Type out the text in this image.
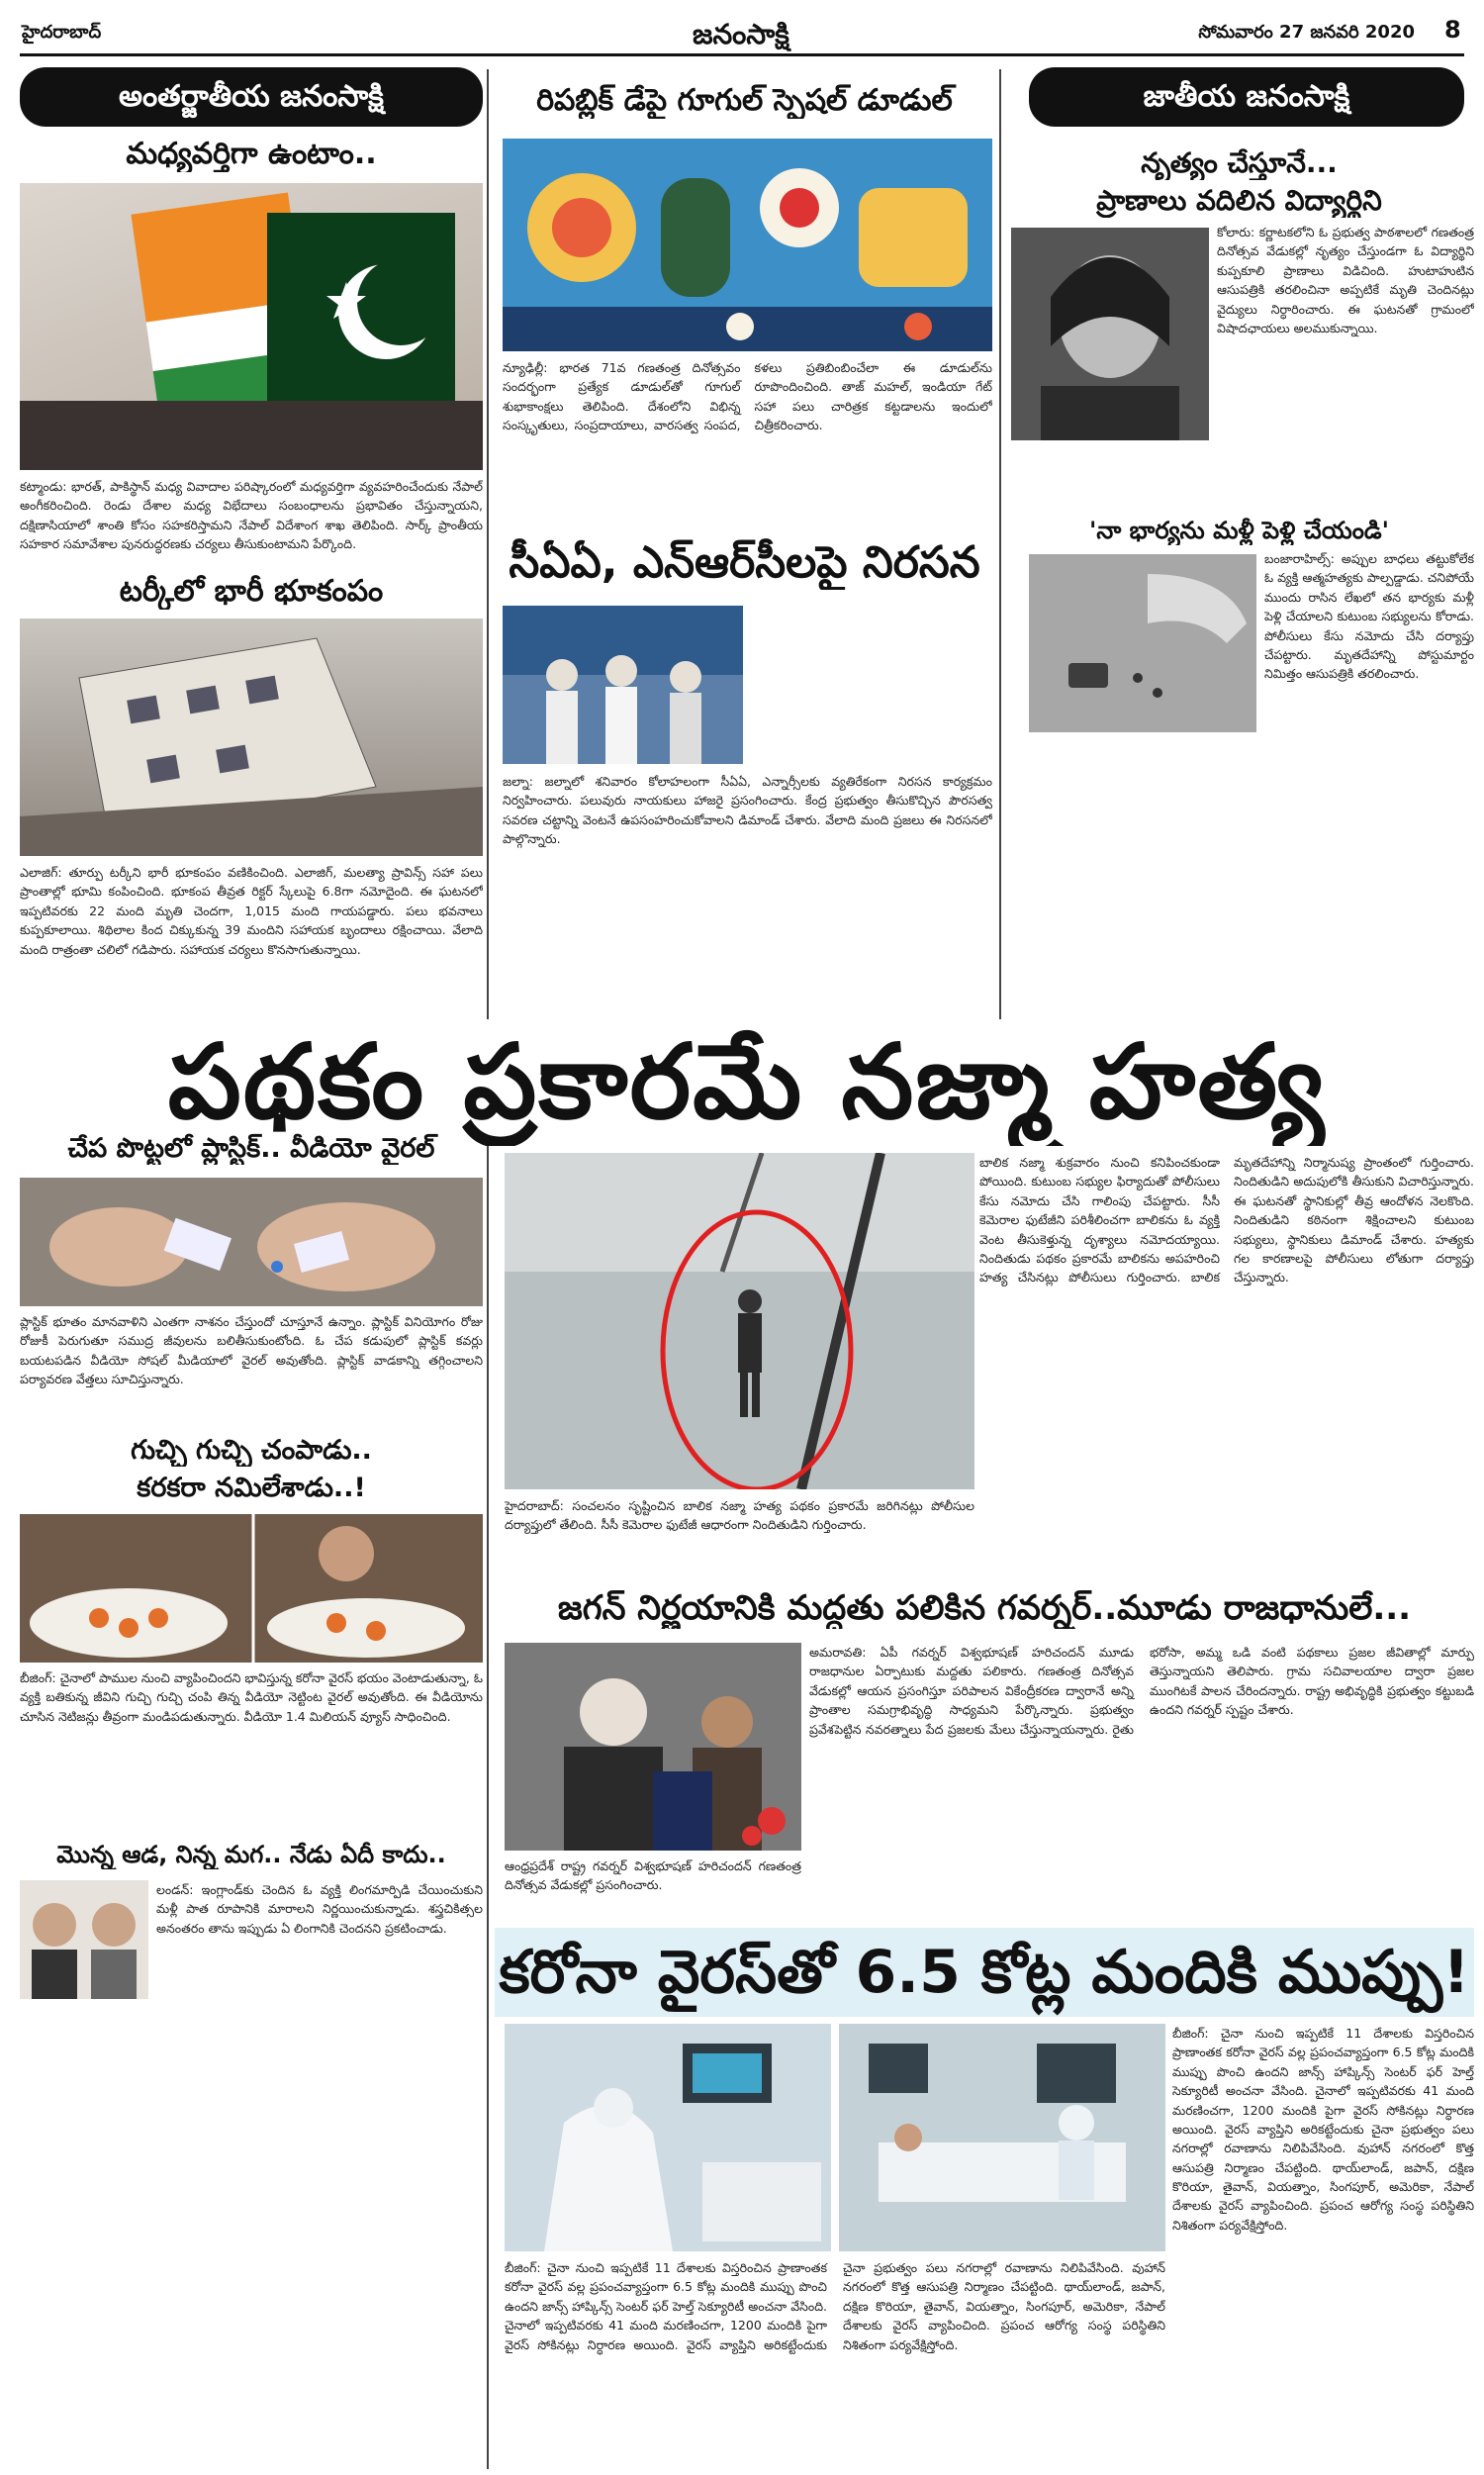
హైదరాబాద్	జనంసాక్షి	సోమవారం 27 జనవరి 2020 8
అంతర్జాతీయ జనంసాక్షి
మధ్యవర్తిగా ఉంటాం..
కట్మాండు: భారత్, పాకిస్థాన్ మధ్య వివాదాల పరిష్కారంలో మధ్యవర్తిగా వ్యవహరించేందుకు నేపాల్ అంగీకరించింది. రెండు దేశాల మధ్య విభేదాలు సంబంధాలను ప్రభావితం చేస్తున్నాయని, దక్షిణాసియాలో శాంతి కోసం సహకరిస్తామని నేపాల్ విదేశాంగ శాఖ తెలిపింది. సార్క్ ప్రాంతీయ సహకార సమావేశాల పునరుద్ధరణకు చర్యలు తీసుకుంటామని పేర్కొంది.
టర్కీలో భారీ భూకంపం
ఎలాజిగ్: తూర్పు టర్కీని భారీ భూకంపం వణికించింది. ఎలాజిగ్, మలత్యా ప్రావిన్స్ సహా పలు ప్రాంతాల్లో భూమి కంపించింది. భూకంప తీవ్రత రిక్టర్ స్కేలుపై 6.8గా నమోదైంది. ఈ ఘటనలో ఇప్పటివరకు 22 మంది మృతి చెందగా, 1,015 మంది గాయపడ్డారు. పలు భవనాలు కుప్పకూలాయి. శిథిలాల కింద చిక్కుకున్న 39 మందిని సహాయక బృందాలు రక్షించాయి. వేలాది మంది రాత్రంతా చలిలో గడిపారు. సహాయక చర్యలు కొనసాగుతున్నాయి.
చేప పొట్టలో ప్లాస్టిక్.. వీడియో వైరల్
ప్లాస్టిక్ భూతం మానవాళిని ఎంతగా నాశనం చేస్తుందో చూస్తూనే ఉన్నాం. ప్లాస్టిక్ వినియోగం రోజు రోజుకీ పెరుగుతూ సముద్ర జీవులను బలితీసుకుంటోంది. ఓ చేప కడుపులో ప్లాస్టిక్ కవర్లు బయటపడిన వీడియో సోషల్ మీడియాలో వైరల్ అవుతోంది. ప్లాస్టిక్ వాడకాన్ని తగ్గించాలని పర్యావరణ వేత్తలు సూచిస్తున్నారు.
గుచ్చి గుచ్చి చంపాడు..
కరకరా నమిలేశాడు..!
బీజింగ్: చైనాలో పాముల నుంచి వ్యాపించిందని భావిస్తున్న కరోనా వైరస్ భయం వెంటాడుతున్నా, ఓ వ్యక్తి బతికున్న జీవిని గుచ్చి గుచ్చి చంపి తిన్న వీడియో నెట్టింట వైరల్ అవుతోంది. ఈ వీడియోను చూసిన నెటిజన్లు తీవ్రంగా మండిపడుతున్నారు. వీడియో 1.4 మిలియన్ వ్యూస్ సాధించింది.
మొన్న ఆడ, నిన్న మగ.. నేడు ఏదీ కాదు..
లండన్: ఇంగ్లాండ్‌కు చెందిన ఓ వ్యక్తి లింగమార్పిడి చేయించుకుని మళ్లీ పాత రూపానికి మారాలని నిర్ణయించుకున్నాడు. శస్త్రచికిత్సల అనంతరం తాను ఇప్పుడు ఏ లింగానికి చెందనని ప్రకటించాడు.
రిపబ్లిక్ డేపై గూగుల్ స్పెషల్ డూడుల్
న్యూఢిల్లీ: భారత 71వ గణతంత్ర దినోత్సవం సందర్భంగా ప్రత్యేక డూడుల్‌తో గూగుల్ శుభాకాంక్షలు తెలిపింది. దేశంలోని విభిన్న సంస్కృతులు, సంప్రదాయాలు, వారసత్వ సంపద, కళలు ప్రతిబింబించేలా ఈ డూడుల్‌ను రూపొందించింది. తాజ్ మహల్, ఇండియా గేట్ సహా పలు చారిత్రక కట్టడాలను ఇందులో చిత్రీకరించారు.
సీఏఏ, ఎన్ఆర్‌సీలపై నిరసన
జల్నా: జల్నాలో శనివారం కోలాహలంగా సీఏఏ, ఎన్నార్సీలకు వ్యతిరేకంగా నిరసన కార్యక్రమం నిర్వహించారు. పలువురు నాయకులు హాజరై ప్రసంగించారు. కేంద్ర ప్రభుత్వం తీసుకొచ్చిన పౌరసత్వ సవరణ చట్టాన్ని వెంటనే ఉపసంహరించుకోవాలని డిమాండ్ చేశారు. వేలాది మంది ప్రజలు ఈ నిరసనలో పాల్గొన్నారు.
జాతీయ జనంసాక్షి
నృత్యం చేస్తూనే...
ప్రాణాలు వదిలిన విద్యార్థిని
కోలారు: కర్ణాటకలోని ఓ ప్రభుత్వ పాఠశాలలో గణతంత్ర దినోత్సవ వేడుకల్లో నృత్యం చేస్తుండగా ఓ విద్యార్థిని కుప్పకూలి ప్రాణాలు విడిచింది. హుటాహుటిన ఆసుపత్రికి తరలించినా అప్పటికే మృతి చెందినట్లు వైద్యులు నిర్ధారించారు. ఈ ఘటనతో గ్రామంలో విషాదఛాయలు అలముకున్నాయి.
'నా భార్యను మళ్లీ పెళ్లి చేయండి'
బంజారాహిల్స్: అప్పుల బాధలు తట్టుకోలేక ఓ వ్యక్తి ఆత్మహత్యకు పాల్పడ్డాడు. చనిపోయే ముందు రాసిన లేఖలో తన భార్యకు మళ్లీ పెళ్లి చేయాలని కుటుంబ సభ్యులను కోరాడు. పోలీసులు కేసు నమోదు చేసి దర్యాప్తు చేపట్టారు. మృతదేహాన్ని పోస్టుమార్టం నిమిత్తం ఆసుపత్రికి తరలించారు.
పథకం ప్రకారమే నజ్మా హత్య
హైదరాబాద్: సంచలనం సృష్టించిన బాలిక నజ్మా హత్య పథకం ప్రకారమే జరిగినట్లు పోలీసుల దర్యాప్తులో తేలింది. సీసీ కెమెరాల ఫుటేజీ ఆధారంగా నిందితుడిని గుర్తించారు.
బాలిక నజ్మా శుక్రవారం నుంచి కనిపించకుండా పోయింది. కుటుంబ సభ్యుల ఫిర్యాదుతో పోలీసులు కేసు నమోదు చేసి గాలింపు చేపట్టారు. సీసీ కెమెరాల ఫుటేజీని పరిశీలించగా బాలికను ఓ వ్యక్తి వెంట తీసుకెళ్తున్న దృశ్యాలు నమోదయ్యాయి. నిందితుడు పథకం ప్రకారమే బాలికను అపహరించి హత్య చేసినట్లు పోలీసులు గుర్తించారు. బాలిక మృతదేహాన్ని నిర్మానుష్య ప్రాంతంలో గుర్తించారు. నిందితుడిని అదుపులోకి తీసుకుని విచారిస్తున్నారు. ఈ ఘటనతో స్థానికుల్లో తీవ్ర ఆందోళన నెలకొంది. నిందితుడిని కఠినంగా శిక్షించాలని కుటుంబ సభ్యులు, స్థానికులు డిమాండ్ చేశారు. హత్యకు గల కారణాలపై పోలీసులు లోతుగా దర్యాప్తు చేస్తున్నారు.
జగన్ నిర్ణయానికి మద్దతు పలికిన గవర్నర్..మూడు రాజధానులే...
ఆంధ్రప్రదేశ్ రాష్ట్ర గవర్నర్ విశ్వభూషణ్ హరిచందన్ గణతంత్ర దినోత్సవ వేడుకల్లో ప్రసంగించారు.
అమరావతి: ఏపీ గవర్నర్ విశ్వభూషణ్ హరిచందన్ మూడు రాజధానుల ఏర్పాటుకు మద్దతు పలికారు. గణతంత్ర దినోత్సవ వేడుకల్లో ఆయన ప్రసంగిస్తూ పరిపాలన వికేంద్రీకరణ ద్వారానే అన్ని ప్రాంతాల సమగ్రాభివృద్ధి సాధ్యమని పేర్కొన్నారు. ప్రభుత్వం ప్రవేశపెట్టిన నవరత్నాలు పేద ప్రజలకు మేలు చేస్తున్నాయన్నారు. రైతు భరోసా, అమ్మ ఒడి వంటి పథకాలు ప్రజల జీవితాల్లో మార్పు తెస్తున్నాయని తెలిపారు. గ్రామ సచివాలయాల ద్వారా ప్రజల ముంగిటకే పాలన చేరిందన్నారు. రాష్ట్ర అభివృద్ధికి ప్రభుత్వం కట్టుబడి ఉందని గవర్నర్ స్పష్టం చేశారు.
కరోనా వైరస్‌తో 6.5 కోట్ల మందికి ముప్పు!
బీజింగ్: చైనా నుంచి ఇప్పటికే 11 దేశాలకు విస్తరించిన ప్రాణాంతక కరోనా వైరస్ వల్ల ప్రపంచవ్యాప్తంగా 6.5 కోట్ల మందికి ముప్పు పొంచి ఉందని జాన్స్ హాప్కిన్స్ సెంటర్ ఫర్ హెల్త్ సెక్యూరిటీ అంచనా వేసింది. చైనాలో ఇప్పటివరకు 41 మంది మరణించగా, 1200 మందికి పైగా వైరస్ సోకినట్లు నిర్ధారణ అయింది. వైరస్ వ్యాప్తిని అరికట్టేందుకు చైనా ప్రభుత్వం పలు నగరాల్లో రవాణాను నిలిపివేసింది. వుహాన్ నగరంలో కొత్త ఆసుపత్రి నిర్మాణం చేపట్టింది. థాయ్‌లాండ్, జపాన్, దక్షిణ కొరియా, తైవాన్, వియత్నాం, సింగపూర్, అమెరికా, నేపాల్ దేశాలకు వైరస్ వ్యాపించింది. ప్రపంచ ఆరోగ్య సంస్థ పరిస్థితిని నిశితంగా పర్యవేక్షిస్తోంది.
బీజింగ్: చైనా నుంచి ఇప్పటికే 11 దేశాలకు విస్తరించిన ప్రాణాంతక కరోనా వైరస్ వల్ల ప్రపంచవ్యాప్తంగా 6.5 కోట్ల మందికి ముప్పు పొంచి ఉందని జాన్స్ హాప్కిన్స్ సెంటర్ ఫర్ హెల్త్ సెక్యూరిటీ అంచనా వేసింది. చైనాలో ఇప్పటివరకు 41 మంది మరణించగా, 1200 మందికి పైగా వైరస్ సోకినట్లు నిర్ధారణ అయింది. వైరస్ వ్యాప్తిని అరికట్టేందుకు చైనా ప్రభుత్వం పలు నగరాల్లో రవాణాను నిలిపివేసింది. వుహాన్ నగరంలో కొత్త ఆసుపత్రి నిర్మాణం చేపట్టింది. థాయ్‌లాండ్, జపాన్, దక్షిణ కొరియా, తైవాన్, వియత్నాం, సింగపూర్, అమెరికా, నేపాల్ దేశాలకు వైరస్ వ్యాపించింది. ప్రపంచ ఆరోగ్య సంస్థ పరిస్థితిని నిశితంగా పర్యవేక్షిస్తోంది.
